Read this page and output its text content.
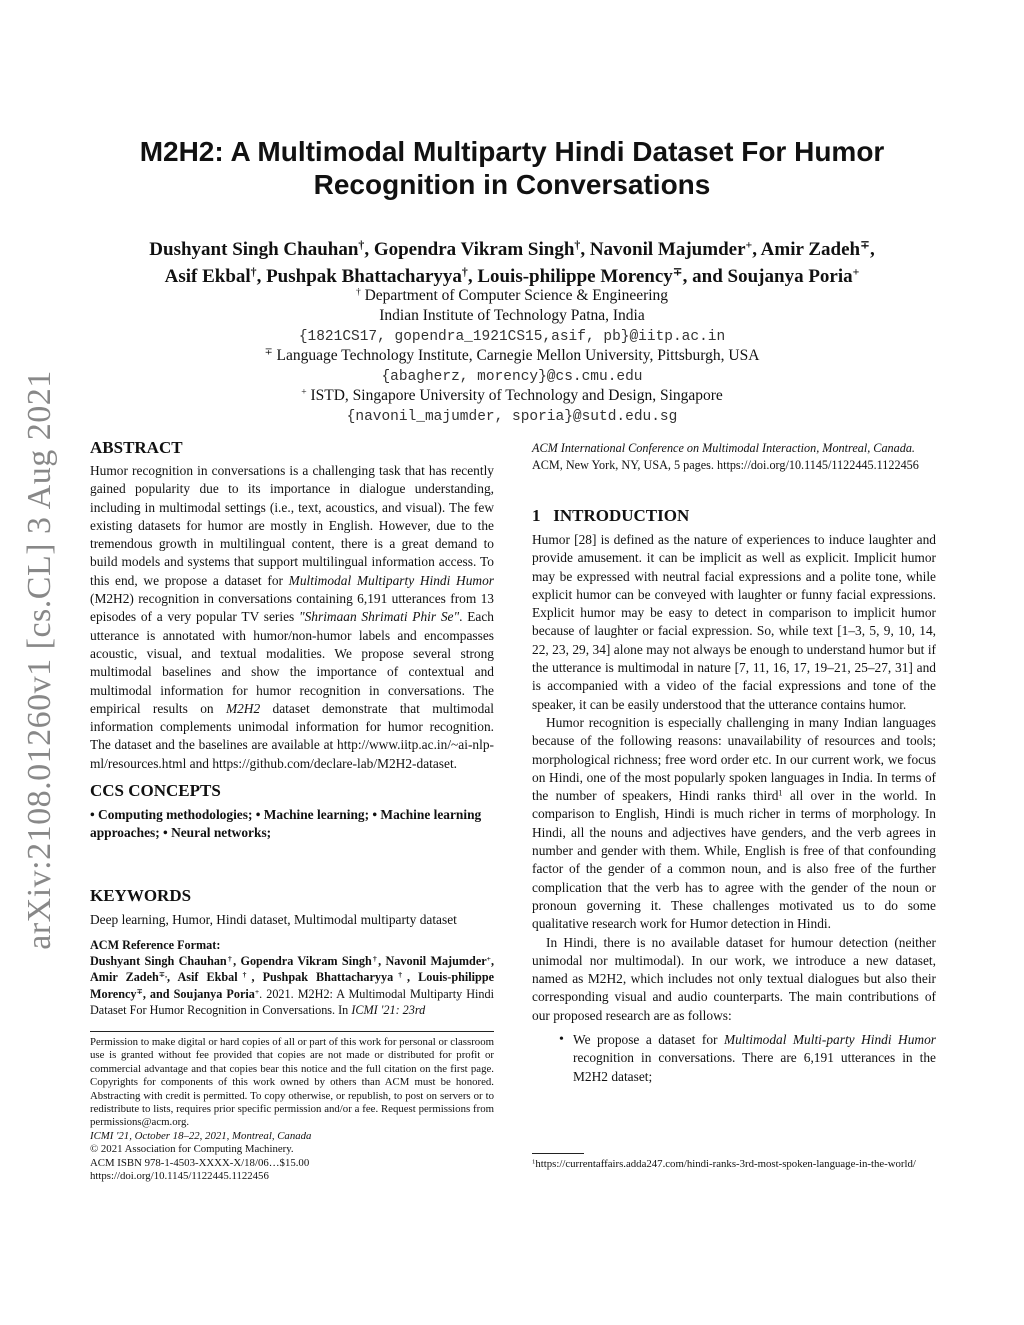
arXiv:2108.01260v1 [cs.CL] 3 Aug 2021
M2H2: A Multimodal Multiparty Hindi Dataset For Humor
Recognition in Conversations
Dushyant Singh Chauhan†, Gopendra Vikram Singh†, Navonil Majumder+, Amir Zadeh∓,
Asif Ekbal†, Pushpak Bhattacharyya†, Louis-philippe Morency∓, and Soujanya Poria+
† Department of Computer Science & Engineering
Indian Institute of Technology Patna, India
{1821CS17, gopendra_1921CS15,asif, pb}@iitp.ac.in
∓ Language Technology Institute, Carnegie Mellon University, Pittsburgh, USA
{abagherz, morency}@cs.cmu.edu
+ ISTD, Singapore University of Technology and Design, Singapore
{navonil_majumder, sporia}@sutd.edu.sg
ABSTRACT

Humor recognition in conversations is a challenging task that has recently gained popularity due to its importance in dialogue understanding, including in multimodal settings (i.e., text, acoustics, and visual). The few existing datasets for humor are mostly in English. However, due to the tremendous growth in multilingual content, there is a great demand to build models and systems that support multilingual information access. To this end, we propose a dataset for Multimodal Multiparty Hindi Humor (M2H2) recognition in conversations containing 6,191 utterances from 13 episodes of a very popular TV series "Shrimaan Shrimati Phir Se". Each utterance is annotated with humor/non-humor labels and encompasses acoustic, visual, and textual modalities. We propose several strong multimodal baselines and show the importance of contextual and multimodal information for humor recognition in conversations. The empirical results on M2H2 dataset demonstrate that multimodal information complements unimodal information for humor recognition. The dataset and the baselines are available at http://www.iitp.ac.in/~ai-nlp-ml/resources.html and https://github.com/declare-lab/M2H2-dataset.

CCS CONCEPTS

• Computing methodologies; • Machine learning; • Machine learning approaches; • Neural networks;

KEYWORDS

Deep learning, Humor, Hindi dataset, Multimodal multiparty dataset

ACM Reference Format:

Dushyant Singh Chauhan†, Gopendra Vikram Singh†, Navonil Majumder+, Amir Zadeh∓,, Asif Ekbal†, Pushpak Bhattacharyya†, Louis-philippe Morency∓, and Soujanya Poria+. 2021. M2H2: A Multimodal Multiparty Hindi Dataset For Humor Recognition in Conversations. In ICMI '21: 23rd

Permission to make digital or hard copies of all or part of this work for personal or classroom use is granted without fee provided that copies are not made or distributed for profit or commercial advantage and that copies bear this notice and the full citation on the first page. Copyrights for components of this work owned by others than ACM must be honored. Abstracting with credit is permitted. To copy otherwise, or republish, to post on servers or to redistribute to lists, requires prior specific permission and/or a fee. Request permissions from permissions@acm.org.

ICMI '21, October 18–22, 2021, Montreal, Canada

© 2021 Association for Computing Machinery.

ACM ISBN 978-1-4503-XXXX-X/18/06…$15.00

https://doi.org/10.1145/1122445.1122456

ACM International Conference on Multimodal Interaction, Montreal, Canada.

ACM, New York, NY, USA, 5 pages. https://doi.org/10.1145/1122445.1122456

1   INTRODUCTION

Humor [28] is defined as the nature of experiences to induce laughter and provide amusement. it can be implicit as well as explicit. Implicit humor may be expressed with neutral facial expressions and a polite tone, while explicit humor can be conveyed with laughter or funny facial expressions. Explicit humor may be easy to detect in comparison to implicit humor because of laughter or facial expression. So, while text [1–3, 5, 9, 10, 14, 22, 23, 29, 34] alone may not always be enough to understand humor but if the utterance is multimodal in nature [7, 11, 16, 17, 19–21, 25–27, 31] and is accompanied with a video of the facial expressions and tone of the speaker, it can be easily understood that the utterance contains humor.

Humor recognition is especially challenging in many Indian languages because of the following reasons: unavailability of resources and tools; morphological richness; free word order etc. In our current work, we focus on Hindi, one of the most popularly spoken languages in India. In terms of the number of speakers, Hindi ranks third$^1$ all over in the world. In comparison to English, Hindi is much richer in terms of morphology. In Hindi, all the nouns and adjectives have genders, and the verb agrees in number and gender with them. While, English is free of that confounding factor of the gender of a common noun, and is also free of the further complication that the verb has to agree with the gender of the noun or pronoun governing it. These challenges motivated us to do some qualitative research work for Humor detection in Hindi.

In Hindi, there is no available dataset for humour detection (neither unimodal nor multimodal). In our work, we introduce a new dataset, named as M2H2, which includes not only textual dialogues but also their corresponding visual and audio counterparts. The main contributions of our proposed research are as follows:

• We propose a dataset for Multimodal Multi-party Hindi Humor recognition in conversations. There are 6,191 utterances in the M2H2 dataset;
$^1$https://currentaffairs.adda247.com/hindi-ranks-3rd-most-spoken-language-in-the-world/
